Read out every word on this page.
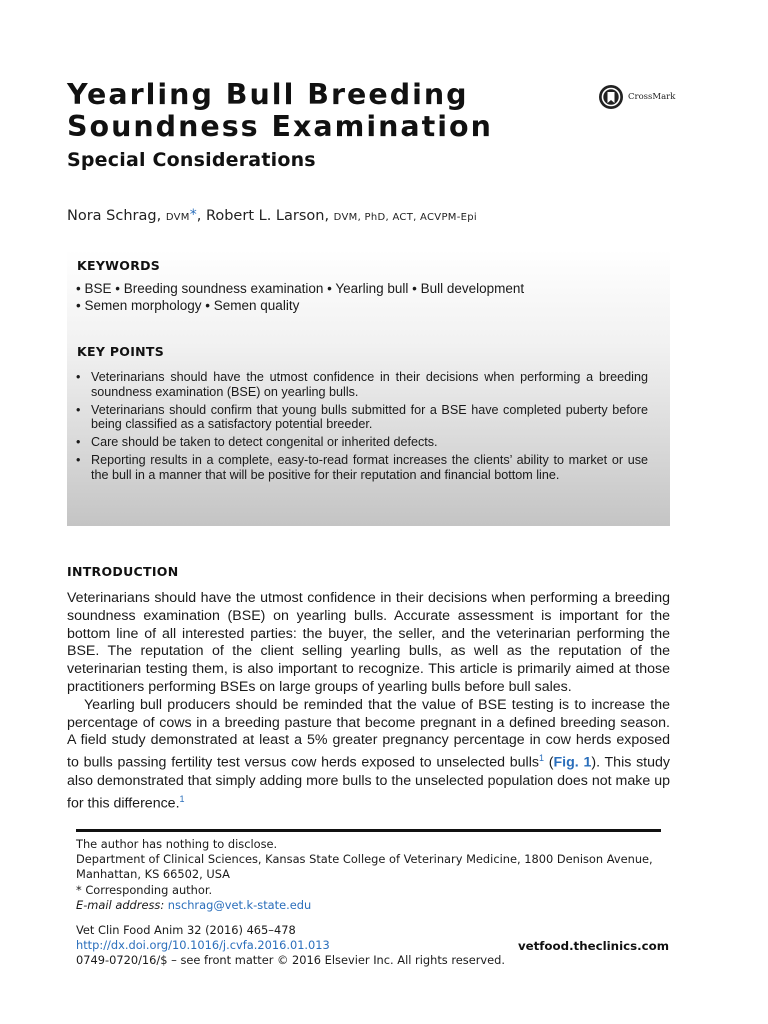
Yearling Bull Breeding
Soundness Examination
Special Considerations
CrossMark
Nora Schrag, DVM*, Robert L. Larson, DVM, PhD, ACT, ACVPM-Epi
KEYWORDS
• BSE • Breeding soundness examination • Yearling bull • Bull development
• Semen morphology • Semen quality
KEY POINTS
• Veterinarians should have the utmost confidence in their decisions when performing a breeding soundness examination (BSE) on yearling bulls.
• Veterinarians should confirm that young bulls submitted for a BSE have completed puberty before being classified as a satisfactory potential breeder.
• Care should be taken to detect congenital or inherited defects.
• Reporting results in a complete, easy-to-read format increases the clients’ ability to market or use the bull in a manner that will be positive for their reputation and financial bottom line.
INTRODUCTION

Veterinarians should have the utmost confidence in their decisions when performing a breeding soundness examination (BSE) on yearling bulls. Accurate assessment is important for the bottom line of all interested parties: the buyer, the seller, and the veterinarian performing the BSE. The reputation of the client selling yearling bulls, as well as the reputation of the veterinarian testing them, is also important to recognize. This article is primarily aimed at those practitioners performing BSEs on large groups of yearling bulls before bull sales.

Yearling bull producers should be reminded that the value of BSE testing is to increase the percentage of cows in a breeding pasture that become pregnant in a defined breeding season. A field study demonstrated at least a 5% greater pregnancy percentage in cow herds exposed to bulls passing fertility test versus cow herds exposed to unselected bulls$^1$ (Fig. 1). This study also demonstrated that simply adding more bulls to the unselected population does not make up for this difference.$^1$

The author has nothing to disclose.

Department of Clinical Sciences, Kansas State College of Veterinary Medicine, 1800 Denison Avenue, Manhattan, KS 66502, USA

* Corresponding author.

E-mail address: nschrag@vet.k-state.edu

Vet Clin Food Anim 32 (2016) 465–478

http://dx.doi.org/10.1016/j.cvfa.2016.01.013

0749-0720/16/$ – see front matter © 2016 Elsevier Inc. All rights reserved.

vetfood.theclinics.com
